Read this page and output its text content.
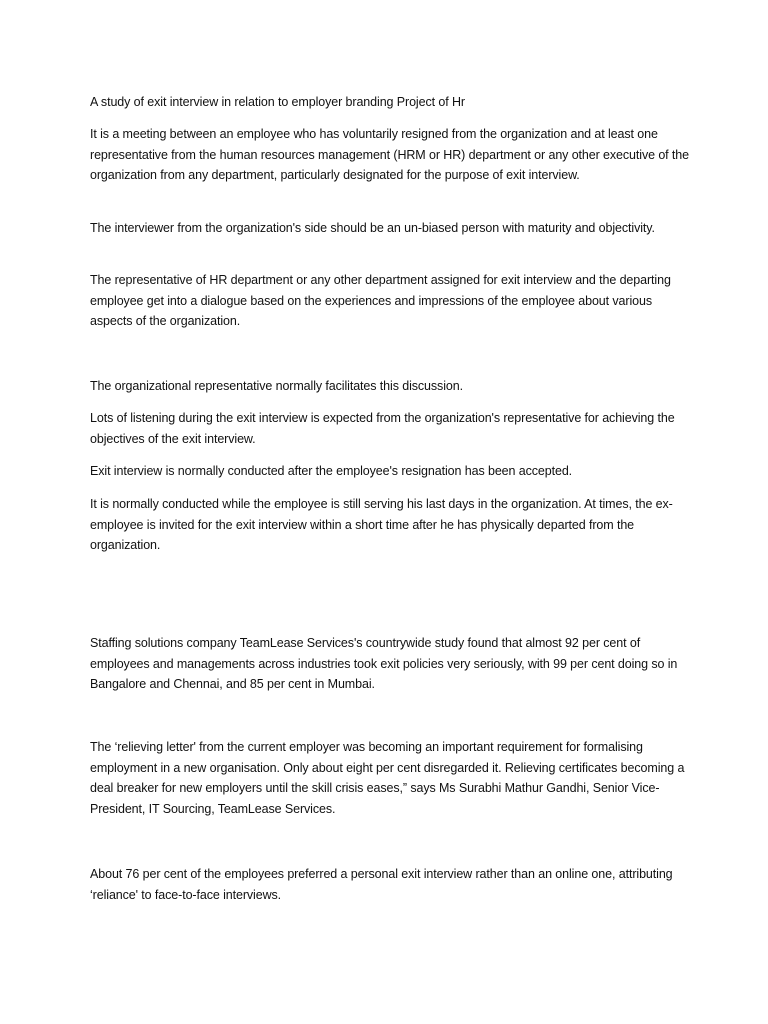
A study of exit interview in relation to employer branding Project of Hr

It is a meeting between an employee who has voluntarily resigned from the organization and at least one representative from the human resources management (HRM or HR) department or any other executive of the organization from any department, particularly designated for the purpose of exit interview.

The interviewer from the organization's side should be an un-biased person with maturity and objectivity.

The representative of HR department or any other department assigned for exit interview and the departing employee get into a dialogue based on the experiences and impressions of the employee about various aspects of the organization.

The organizational representative normally facilitates this discussion.

Lots of listening during the exit interview is expected from the organization's representative for achieving the objectives of the exit interview.

Exit interview is normally conducted after the employee's resignation has been accepted.

It is normally conducted while the employee is still serving his last days in the organization. At times, the ex-employee is invited for the exit interview within a short time after he has physically departed from the organization.

Staffing solutions company TeamLease Services's countrywide study found that almost 92 per cent of employees and managements across industries took exit policies very seriously, with 99 per cent doing so in Bangalore and Chennai, and 85 per cent in Mumbai.

The ‘relieving letter' from the current employer was becoming an important requirement for formalising employment in a new organisation. Only about eight per cent disregarded it. Relieving certificates becoming a deal breaker for new employers until the skill crisis eases,” says Ms Surabhi Mathur Gandhi, Senior Vice-President, IT Sourcing, TeamLease Services.

About 76 per cent of the employees preferred a personal exit interview rather than an online one, attributing ‘reliance' to face-to-face interviews.
